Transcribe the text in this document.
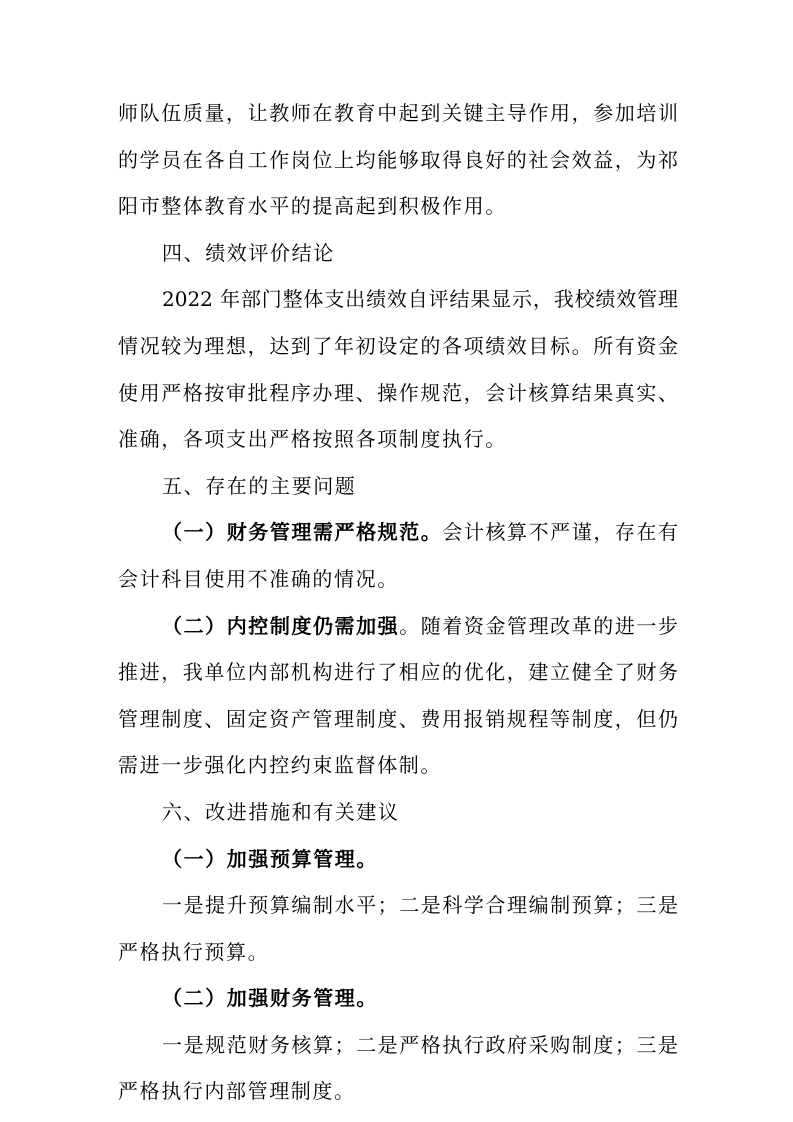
师队伍质量，让教师在教育中起到关键主导作用，参加培训
的学员在各自工作岗位上均能够取得良好的社会效益，为祁
阳市整体教育水平的提高起到积极作用。
四、绩效评价结论
2022 年部门整体支出绩效自评结果显示，我校绩效管理
情况较为理想，达到了年初设定的各项绩效目标。所有资金
使用严格按审批程序办理、操作规范，会计核算结果真实、
准确，各项支出严格按照各项制度执行。
五、存在的主要问题
（一）财务管理需严格规范。会计核算不严谨，存在有
会计科目使用不准确的情况。
（二）内控制度仍需加强。随着资金管理改革的进一步
推进，我单位内部机构进行了相应的优化，建立健全了财务
管理制度、固定资产管理制度、费用报销规程等制度，但仍
需进一步强化内控约束监督体制。
六、改进措施和有关建议
（一）加强预算管理。
一是提升预算编制水平；二是科学合理编制预算；三是
严格执行预算。
（二）加强财务管理。
一是规范财务核算；二是严格执行政府采购制度；三是
严格执行内部管理制度。
